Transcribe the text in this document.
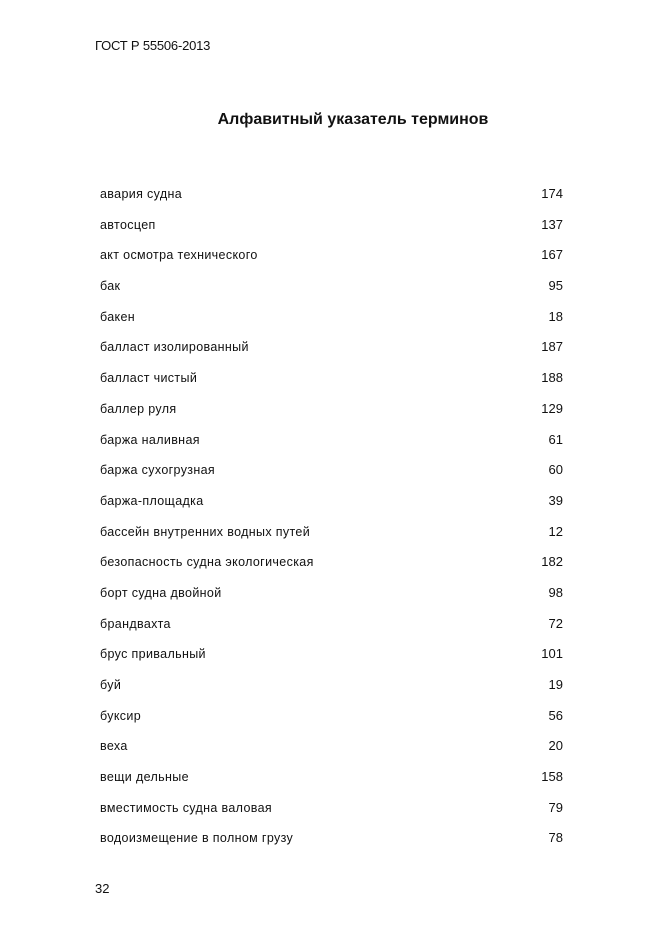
ГОСТ Р 55506-2013
Алфавитный указатель терминов
авария судна	174
автосцеп	137
акт осмотра технического	167
бак	95
бакен	18
балласт изолированный	187
балласт чистый	188
баллер руля	129
баржа наливная	61
баржа сухогрузная	60
баржа-площадка	39
бассейн внутренних водных путей	12
безопасность судна экологическая	182
борт судна двойной	98
брандвахта	72
брус привальный	101
буй	19
буксир	56
веха	20
вещи дельные	158
вместимость судна валовая	79
водоизмещение в полном грузу	78
32
